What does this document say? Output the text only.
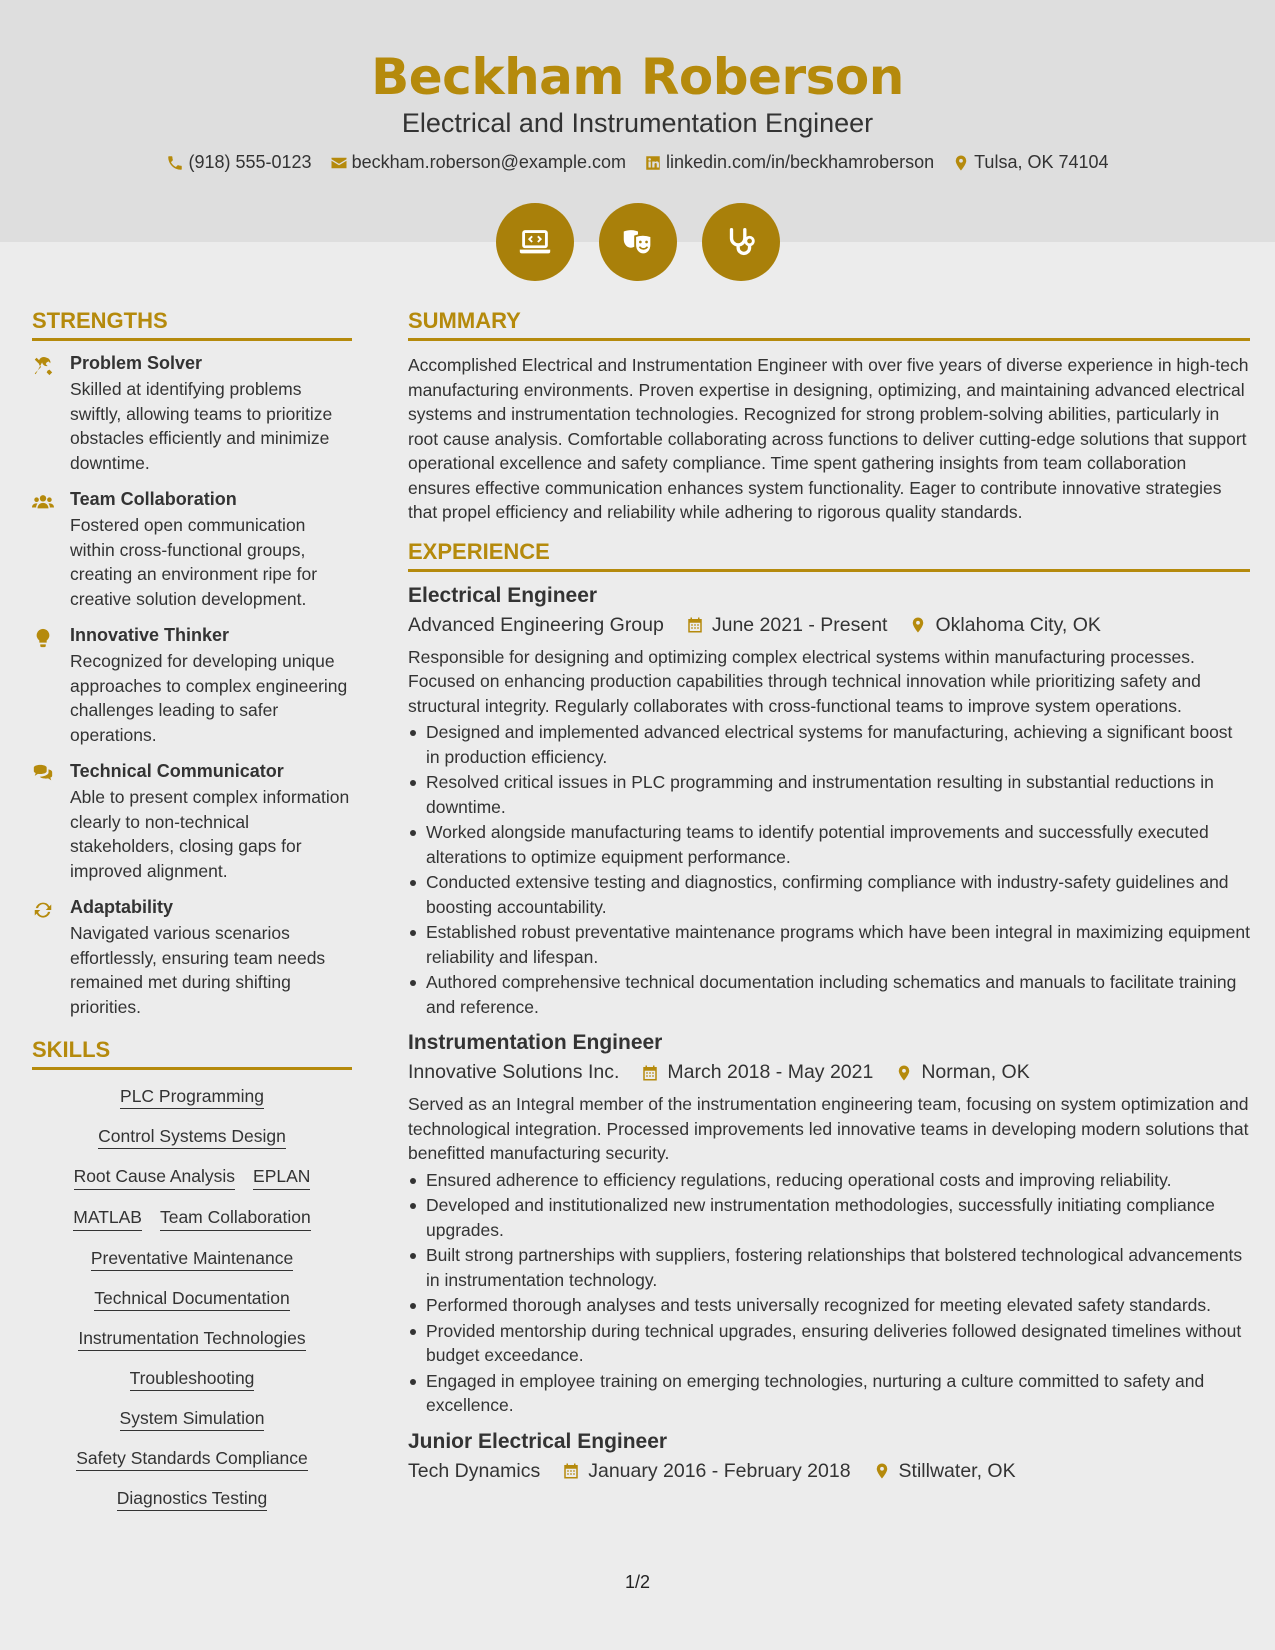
Beckham Roberson
Electrical and Instrumentation Engineer
(918) 555-0123 beckham.roberson@example.com linkedin.com/in/beckhamroberson Tulsa, OK 74104
STRENGTHS
Problem Solver
Skilled at identifying problems swiftly, allowing teams to prioritize obstacles efficiently and minimize downtime.
Team Collaboration
Fostered open communication within cross-functional groups, creating an environment ripe for creative solution development.
Innovative Thinker
Recognized for developing unique approaches to complex engineering challenges leading to safer operations.
Technical Communicator
Able to present complex information clearly to non-technical stakeholders, closing gaps for improved alignment.
Adaptability
Navigated various scenarios effortlessly, ensuring team needs remained met during shifting priorities.
SKILLS
PLC Programming
Control Systems Design
Root Cause Analysis EPLAN
MATLAB Team Collaboration
Preventative Maintenance
Technical Documentation
Instrumentation Technologies
Troubleshooting
System Simulation
Safety Standards Compliance
Diagnostics Testing
SUMMARY
Accomplished Electrical and Instrumentation Engineer with over five years of diverse experience in high-tech manufacturing environments. Proven expertise in designing, optimizing, and maintaining advanced electrical systems and instrumentation technologies. Recognized for strong problem-solving abilities, particularly in root cause analysis. Comfortable collaborating across functions to deliver cutting-edge solutions that support operational excellence and safety compliance. Time spent gathering insights from team collaboration ensures effective communication enhances system functionality. Eager to contribute innovative strategies that propel efficiency and reliability while adhering to rigorous quality standards.
EXPERIENCE
Electrical Engineer
Advanced Engineering Group June 2021 - Present Oklahoma City, OK
Responsible for designing and optimizing complex electrical systems within manufacturing processes. Focused on enhancing production capabilities through technical innovation while prioritizing safety and structural integrity. Regularly collaborates with cross-functional teams to improve system operations.
Designed and implemented advanced electrical systems for manufacturing, achieving a significant boost in production efficiency.
Resolved critical issues in PLC programming and instrumentation resulting in substantial reductions in downtime.
Worked alongside manufacturing teams to identify potential improvements and successfully executed alterations to optimize equipment performance.
Conducted extensive testing and diagnostics, confirming compliance with industry-safety guidelines and boosting accountability.
Established robust preventative maintenance programs which have been integral in maximizing equipment reliability and lifespan.
Authored comprehensive technical documentation including schematics and manuals to facilitate training and reference.
Instrumentation Engineer
Innovative Solutions Inc. March 2018 - May 2021 Norman, OK
Served as an Integral member of the instrumentation engineering team, focusing on system optimization and technological integration. Processed improvements led innovative teams in developing modern solutions that benefitted manufacturing security.
Ensured adherence to efficiency regulations, reducing operational costs and improving reliability.
Developed and institutionalized new instrumentation methodologies, successfully initiating compliance upgrades.
Built strong partnerships with suppliers, fostering relationships that bolstered technological advancements in instrumentation technology.
Performed thorough analyses and tests universally recognized for meeting elevated safety standards.
Provided mentorship during technical upgrades, ensuring deliveries followed designated timelines without budget exceedance.
Engaged in employee training on emerging technologies, nurturing a culture committed to safety and excellence.
Junior Electrical Engineer
Tech Dynamics January 2016 - February 2018 Stillwater, OK
1/2
